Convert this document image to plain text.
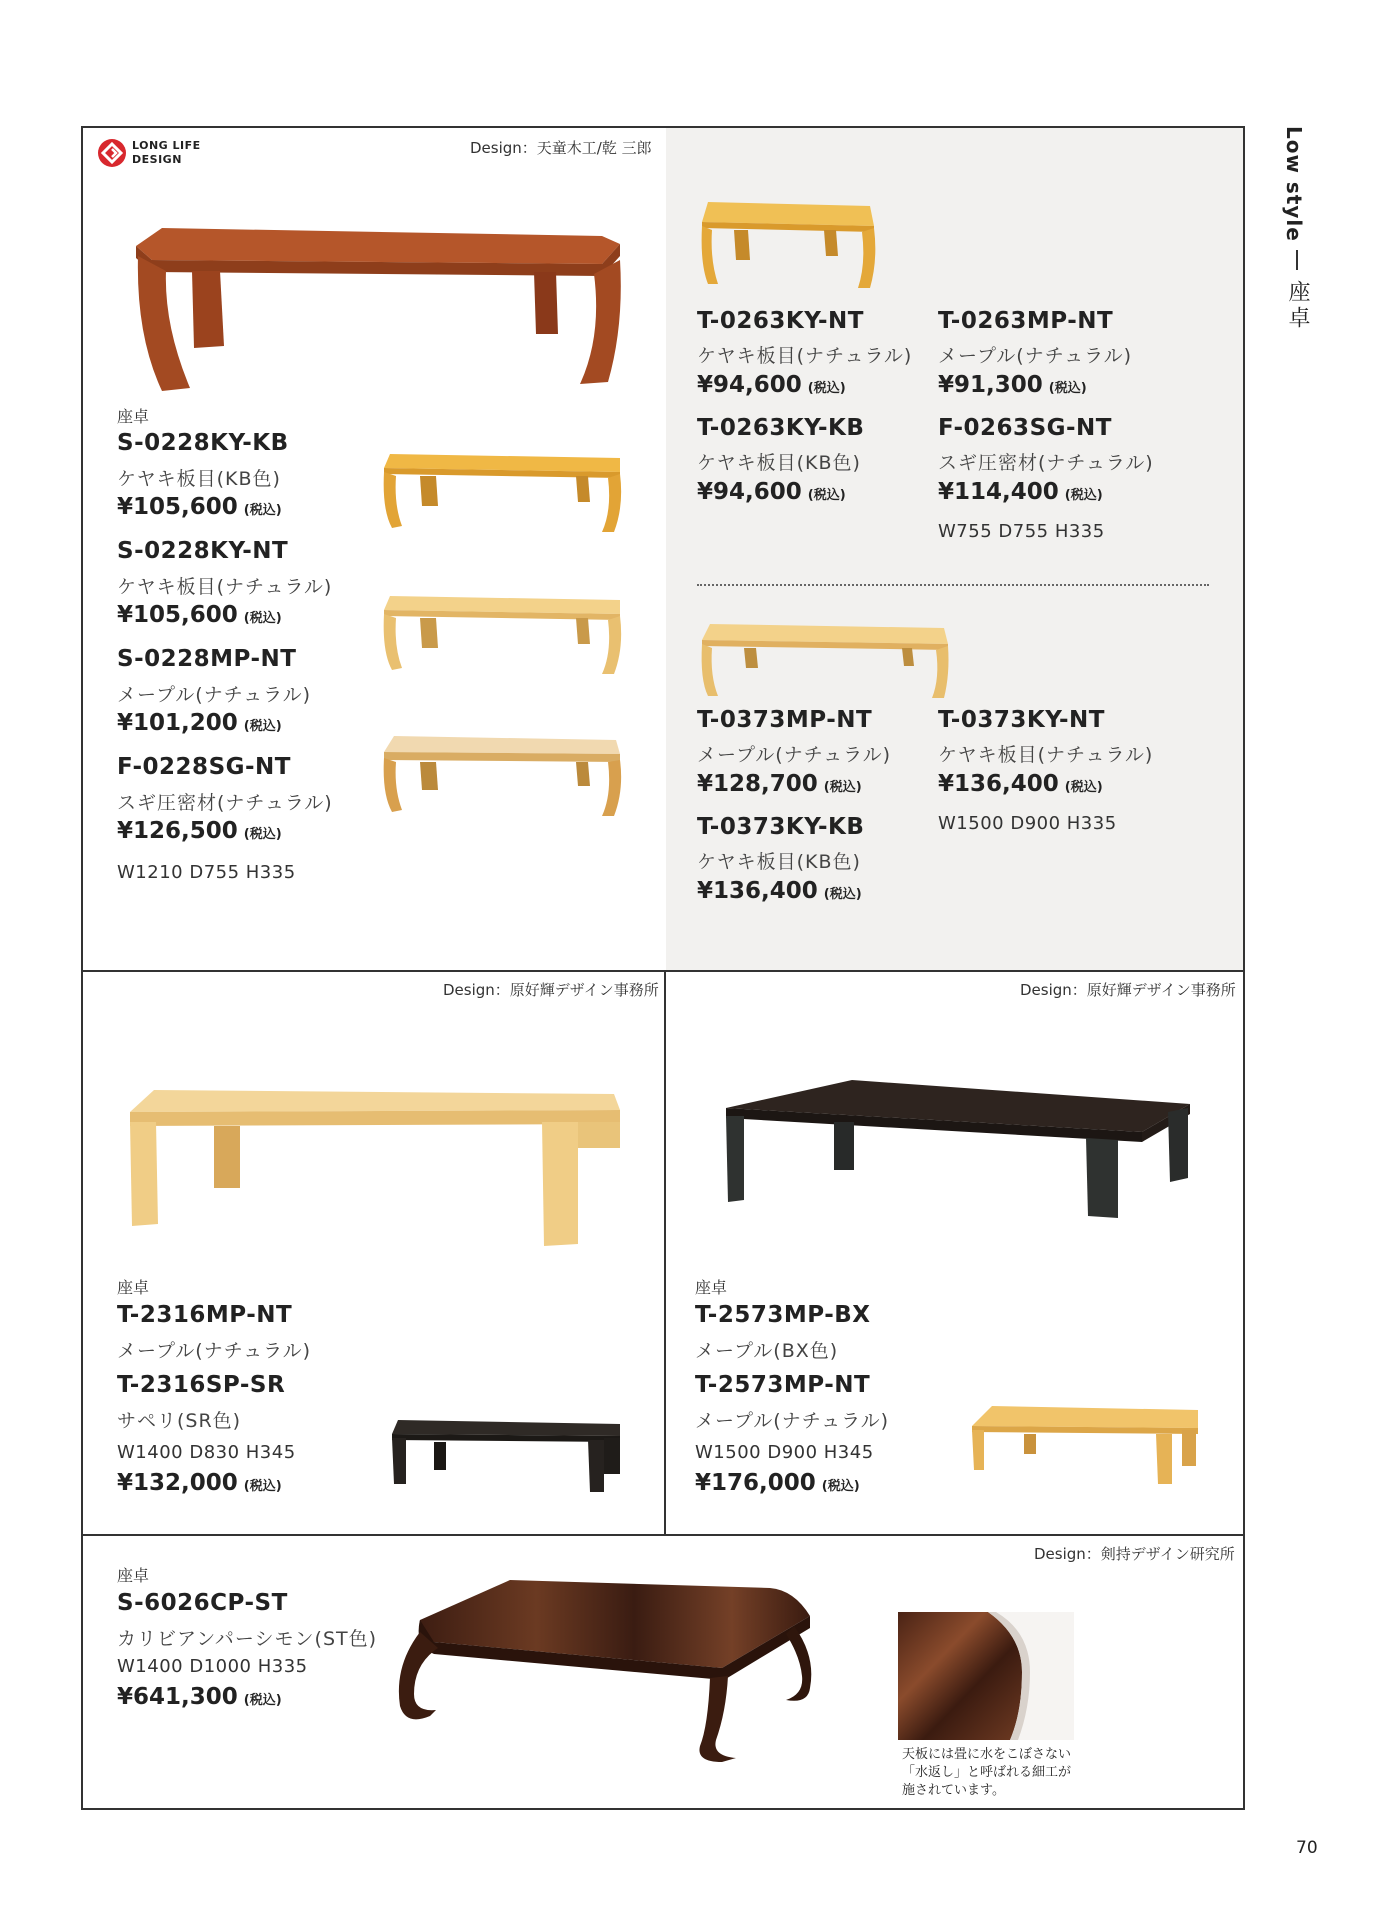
Low style
座卓
70
LONG LIFE
DESIGN
Design：天童木工/乾 三郎
座卓
S-0228KY-KB
ケヤキ板目(KB色)
¥105,600 (税込)
S-0228KY-NT
ケヤキ板目(ナチュラル)
¥105,600 (税込)
S-0228MP-NT
メープル(ナチュラル)
¥101,200 (税込)
F-0228SG-NT
スギ圧密材(ナチュラル)
¥126,500 (税込)
W1210 D755 H335
T-0263KY-NT
ケヤキ板目(ナチュラル)
¥94,600 (税込)
T-0263MP-NT
メープル(ナチュラル)
¥91,300 (税込)
T-0263KY-KB
ケヤキ板目(KB色)
¥94,600 (税込)
F-0263SG-NT
スギ圧密材(ナチュラル)
¥114,400 (税込)
W755 D755 H335
T-0373MP-NT
メープル(ナチュラル)
¥128,700 (税込)
T-0373KY-NT
ケヤキ板目(ナチュラル)
¥136,400 (税込)
T-0373KY-KB
ケヤキ板目(KB色)
¥136,400 (税込)
W1500 D900 H335
Design：原好輝デザイン事務所
座卓
T-2316MP-NT
メープル(ナチュラル)
T-2316SP-SR
サペリ(SR色)
W1400 D830 H345
¥132,000 (税込)
Design：原好輝デザイン事務所
座卓
T-2573MP-BX
メープル(BX色)
T-2573MP-NT
メープル(ナチュラル)
W1500 D900 H345
¥176,000 (税込)
Design：剣持デザイン研究所
座卓
S-6026CP-ST
カリビアンパーシモン(ST色)
W1400 D1000 H335
¥641,300 (税込)
天板には畳に水をこぼさない
「水返し」と呼ばれる細工が
施されています。
